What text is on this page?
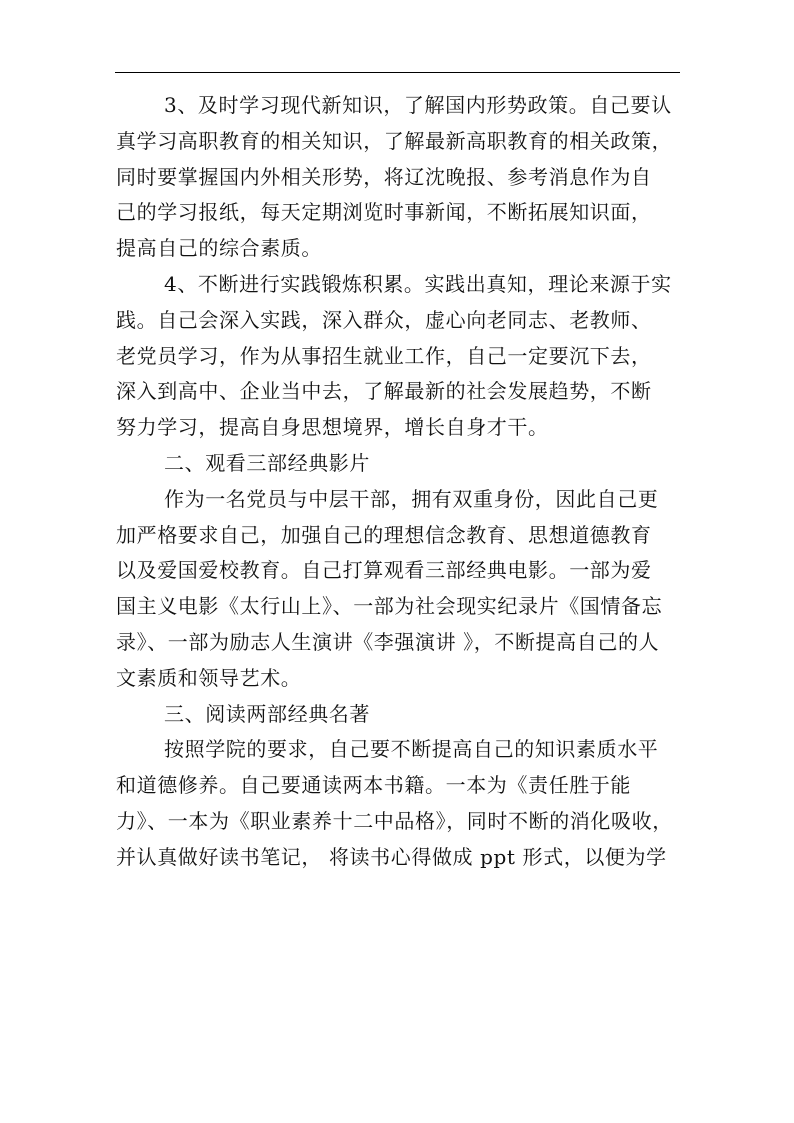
3、及时学习现代新知识，了解国内形势政策。自己要认
真学习高职教育的相关知识，了解最新高职教育的相关政策，
同时要掌握国内外相关形势，将辽沈晚报、参考消息作为自
己的学习报纸，每天定期浏览时事新闻，不断拓展知识面，
提高自己的综合素质。
4、不断进行实践锻炼积累。实践出真知，理论来源于实
践。自己会深入实践，深入群众，虚心向老同志、老教师、
老党员学习，作为从事招生就业工作，自己一定要沉下去，
深入到高中、企业当中去，了解最新的社会发展趋势，不断
努力学习，提高自身思想境界，增长自身才干。
二、观看三部经典影片
作为一名党员与中层干部，拥有双重身份，因此自己更
加严格要求自己，加强自己的理想信念教育、思想道德教育
以及爱国爱校教育。自己打算观看三部经典电影。一部为爱
国主义电影《太行山上》、一部为社会现实纪录片《国情备忘
录》、一部为励志人生演讲《李强演讲 》，不断提高自己的人
文素质和领导艺术。
三、阅读两部经典名著
按照学院的要求，自己要不断提高自己的知识素质水平
和道德修养。自己要通读两本书籍。一本为《责任胜于能
力》、一本为《职业素养十二中品格》，同时不断的消化吸收，
并认真做好读书笔记， 将读书心得做成 ppt 形式，以便为学
